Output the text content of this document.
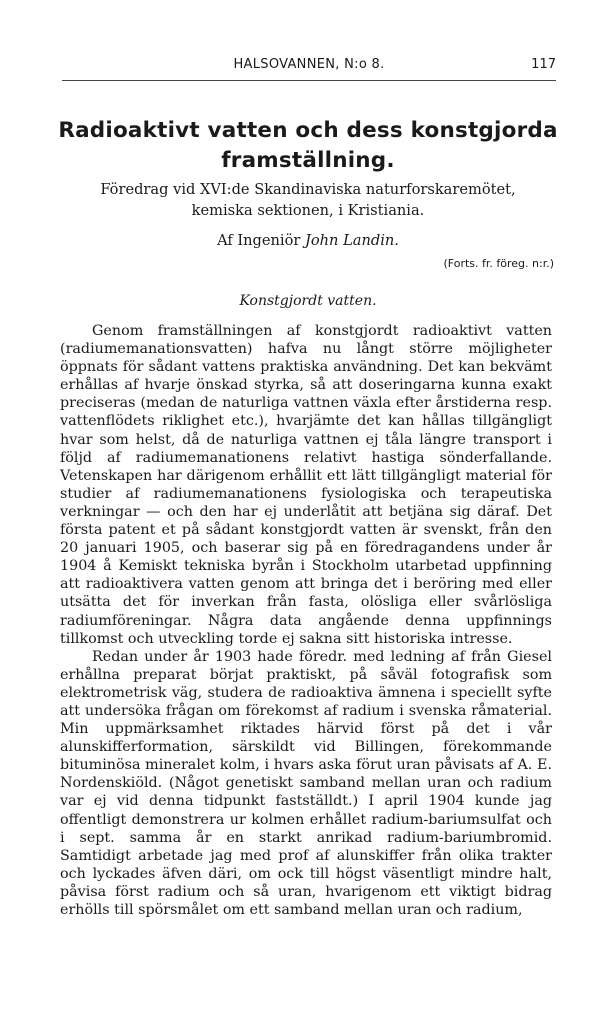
HALSOVANNEN, N:o 8.	117
Radioaktivt vatten och dess konstgjorda framställning.
Föredrag vid XVI:de Skandinaviska naturforskaremötet,
kemiska sektionen, i Kristiania.
Af Ingeniör John Landin.
(Forts. fr. föreg. n:r.)
Konstgjordt vatten.

Genom framställningen af konstgjordt radioaktivt vatten (radiumemanationsvatten) hafva nu långt större möjligheter öppnats för sådant vattens praktiska användning. Det kan bekvämt erhållas af hvarje önskad styrka, så att doseringarna kunna exakt preciseras (medan de naturliga vattnen växla efter årstiderna resp. vattenflödets riklighet etc.), hvarjämte det kan hållas tillgängligt hvar som helst, då de naturliga vattnen ej tåla längre transport i följd af radiumemanationens relativt hastiga sönderfallande. Vetenskapen har därigenom erhållit ett lätt tillgängligt material för studier af radiumemanationens fysiologiska och terapeutiska verkningar — och den har ej underlåtit att betjäna sig däraf. Det första patent et på sådant konstgjordt vatten är svenskt, från den 20 januari 1905, och baserar sig på en föredragandens under år 1904 å Kemiskt tekniska byrån i Stockholm utarbetad uppfinning att radioaktivera vatten genom att bringa det i beröring med eller utsätta det för inverkan från fasta, olösliga eller svårlösliga radiumföreningar. Några data angående denna uppfinnings tillkomst och utveckling torde ej sakna sitt historiska intresse.

Redan under år 1903 hade föredr. med ledning af från Giesel erhållna preparat börjat praktiskt, på såväl fotografisk som elektrometrisk väg, studera de radioaktiva ämnena i speciellt syfte att undersöka frågan om förekomst af radium i svenska råmaterial. Min uppmärksamhet riktades härvid först på det i vår alunskifferformation, särskildt vid Billingen, förekommande bituminösa mineralet kolm, i hvars aska förut uran påvisats af A. E. Nordenskiöld. (Något genetiskt samband mellan uran och radium var ej vid denna tidpunkt fastställdt.) I april 1904 kunde jag offentligt demonstrera ur kolmen erhållet radium-bariumsulfat och i sept. samma år en starkt anrikad radium-bariumbromid. Samtidigt arbetade jag med prof af alunskiffer från olika trakter och lyckades äfven däri, om ock till högst väsentligt mindre halt, påvisa först radium och så uran, hvarigenom ett viktigt bidrag erhölls till spörsmålet om ett samband mellan uran och radium,
